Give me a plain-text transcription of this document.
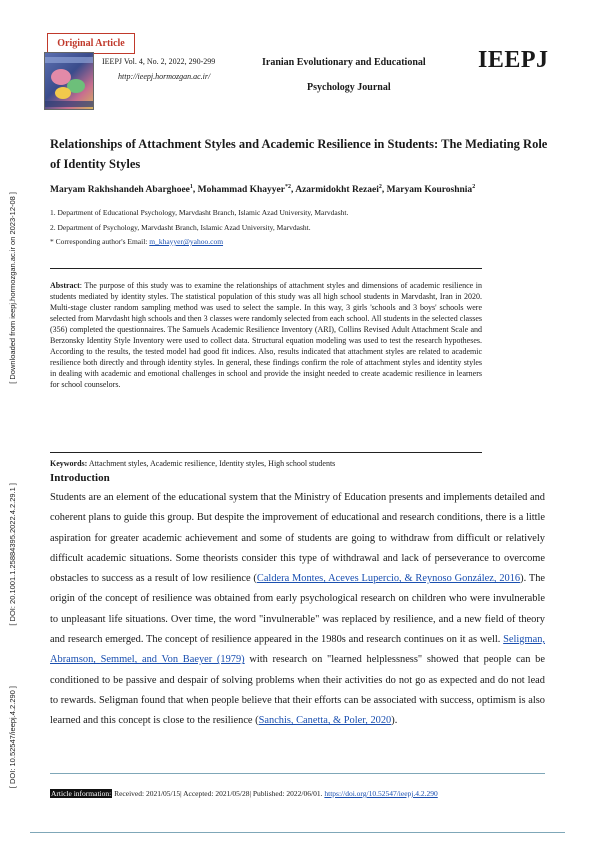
[ Downloaded from ieepj.hormozgan.ac.ir on 2023-12-08 ]
[ DOI: 20.1001.1.25884395.2022.4.2.29.1 ]
[ DOI: 10.52547/ieepj.4.2.290 ]
Original Article
IEEPJ Vol. 4, No. 2, 2022, 290-299
http://ieepj.hormozgan.ac.ir/
Iranian Evolutionary and Educational
Psychology Journal
IEEPJ
Relationships of Attachment Styles and Academic Resilience in Students: The Mediating Role of Identity Styles
Maryam Rakhshandeh Abarghoee$^1$, Mohammad Khayyer$^{*2}$, Azarmidokht Rezaei$^2$, Maryam Kouroshnia$^2$
1. Department of Educational Psychology, Marvdasht Branch, Islamic Azad University, Marvdasht.
2. Department of Psychology, Marvdasht Branch, Islamic Azad University, Marvdasht.
* Corresponding author's Email: m_khayyer@yahoo.com
Abstract: The purpose of this study was to examine the relationships of attachment styles and dimensions of academic resilience in students mediated by identity styles. The statistical population of this study was all high school students in Marvdasht, Iran in 2020. Multi-stage cluster random sampling method was used to select the sample. In this way, 3 girls 'schools and 3 boys' schools were selected from Marvdasht high schools and then 3 classes were randomly selected from each school. All students in the selected classes (356) completed the questionnaires. The Samuels Academic Resilience Inventory (ARI), Collins Revised Adult Attachment Scale and Berzonsky Identity Style Inventory were used to collect data. Structural equation modeling was used to test the research hypotheses. According to the results, the tested model had good fit indices. Also, results indicated that attachment styles are related to academic resilience both directly and through identity styles. In general, these findings confirm the role of attachment styles and identity styles in dealing with academic and emotional challenges in school and provide the insight needed to create academic resilience in learners for school counselors.
Keywords: Attachment styles, Academic resilience, Identity styles, High school students
Introduction
Students are an element of the educational system that the Ministry of Education presents and implements detailed and coherent plans to guide this group. But despite the improvement of educational and research conditions, there is a little aspiration for greater academic achievement and some of students are going to withdraw from difficult or relatively difficult academic situations. Some theorists consider this type of withdrawal and lack of perseverance to overcome obstacles to success as a result of low resilience (Caldera Montes, Aceves Lupercio, & Reynoso González, 2016). The origin of the concept of resilience was obtained from early psychological research on children who were invulnerable to unpleasant life situations. Over time, the word "invulnerable" was replaced by resilience, and a new field of theory and research emerged. The concept of resilience appeared in the 1980s and research continues on it as well. Seligman, Abramson, Semmel, and Von Baeyer (1979) with research on "learned helplessness" showed that people can be conditioned to be passive and despair of solving problems when their activities do not go as expected and do not lead to rewards. Seligman found that when people believe that their efforts can be associated with success, optimism is also learned and this concept is close to the resilience (Sanchis, Canetta, & Poler, 2020).
Article information: Received: 2021/05/15| Accepted: 2021/05/28| Published: 2022/06/01. https://doi.org/10.52547/ieepj.4.2.290
